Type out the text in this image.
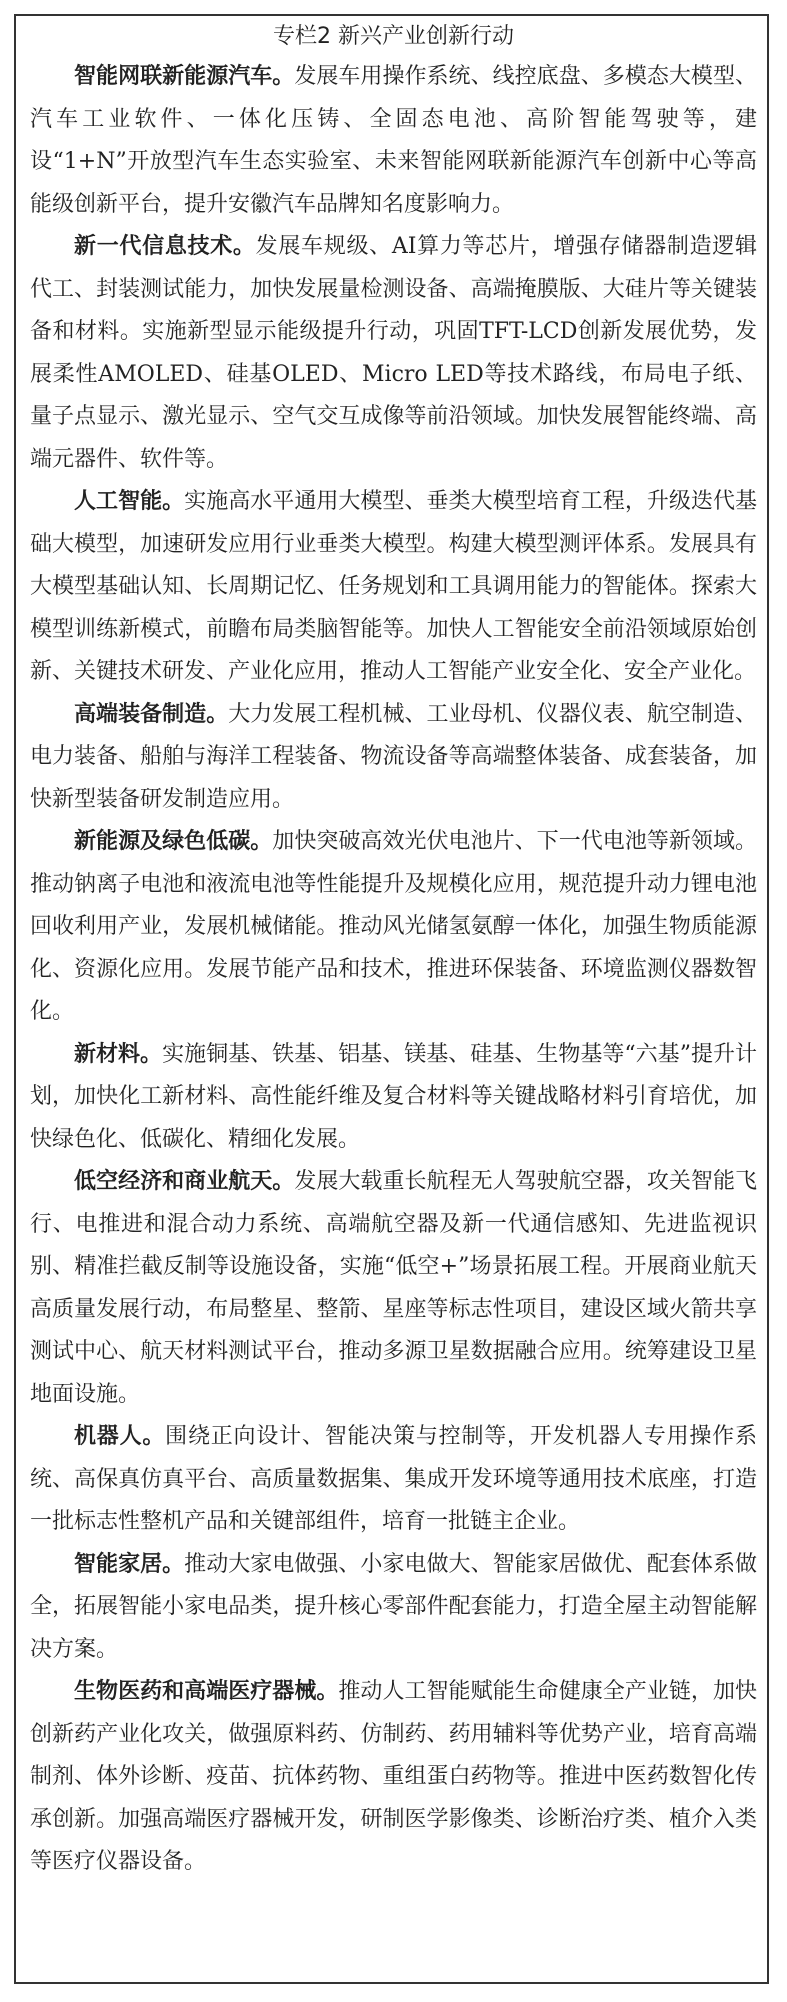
专栏2 新兴产业创新行动

智能网联新能源汽车。发展车用操作系统、线控底盘、多模态大模型、汽车工业软件、一体化压铸、全固态电池、高阶智能驾驶等，建设“1+N”开放型汽车生态实验室、未来智能网联新能源汽车创新中心等高能级创新平台，提升安徽汽车品牌知名度影响力。

新一代信息技术。发展车规级、AI算力等芯片，增强存储器制造逻辑代工、封装测试能力，加快发展量检测设备、高端掩膜版、大硅片等关键装备和材料。实施新型显示能级提升行动，巩固TFT-LCD创新发展优势，发展柔性AMOLED、硅基OLED、Micro LED等技术路线，布局电子纸、量子点显示、激光显示、空气交互成像等前沿领域。加快发展智能终端、高端元器件、软件等。

人工智能。实施高水平通用大模型、垂类大模型培育工程，升级迭代基础大模型，加速研发应用行业垂类大模型。构建大模型测评体系。发展具有大模型基础认知、长周期记忆、任务规划和工具调用能力的智能体。探索大模型训练新模式，前瞻布局类脑智能等。加快人工智能安全前沿领域原始创新、关键技术研发、产业化应用，推动人工智能产业安全化、安全产业化。

高端装备制造。大力发展工程机械、工业母机、仪器仪表、航空制造、电力装备、船舶与海洋工程装备、物流设备等高端整体装备、成套装备，加快新型装备研发制造应用。

新能源及绿色低碳。加快突破高效光伏电池片、下一代电池等新领域。推动钠离子电池和液流电池等性能提升及规模化应用，规范提升动力锂电池回收利用产业，发展机械储能。推动风光储氢氨醇一体化，加强生物质能源化、资源化应用。发展节能产品和技术，推进环保装备、环境监测仪器数智化。

新材料。实施铜基、铁基、铝基、镁基、硅基、生物基等“六基”提升计划，加快化工新材料、高性能纤维及复合材料等关键战略材料引育培优，加快绿色化、低碳化、精细化发展。

低空经济和商业航天。发展大载重长航程无人驾驶航空器，攻关智能飞行、电推进和混合动力系统、高端航空器及新一代通信感知、先进监视识别、精准拦截反制等设施设备，实施“低空+”场景拓展工程。开展商业航天高质量发展行动，布局整星、整箭、星座等标志性项目，建设区域火箭共享测试中心、航天材料测试平台，推动多源卫星数据融合应用。统筹建设卫星地面设施。

机器人。围绕正向设计、智能决策与控制等，开发机器人专用操作系统、高保真仿真平台、高质量数据集、集成开发环境等通用技术底座，打造一批标志性整机产品和关键部组件，培育一批链主企业。

智能家居。推动大家电做强、小家电做大、智能家居做优、配套体系做全，拓展智能小家电品类，提升核心零部件配套能力，打造全屋主动智能解决方案。

生物医药和高端医疗器械。推动人工智能赋能生命健康全产业链，加快创新药产业化攻关，做强原料药、仿制药、药用辅料等优势产业，培育高端制剂、体外诊断、疫苗、抗体药物、重组蛋白药物等。推进中医药数智化传承创新。加强高端医疗器械开发，研制医学影像类、诊断治疗类、植介入类等医疗仪器设备。
